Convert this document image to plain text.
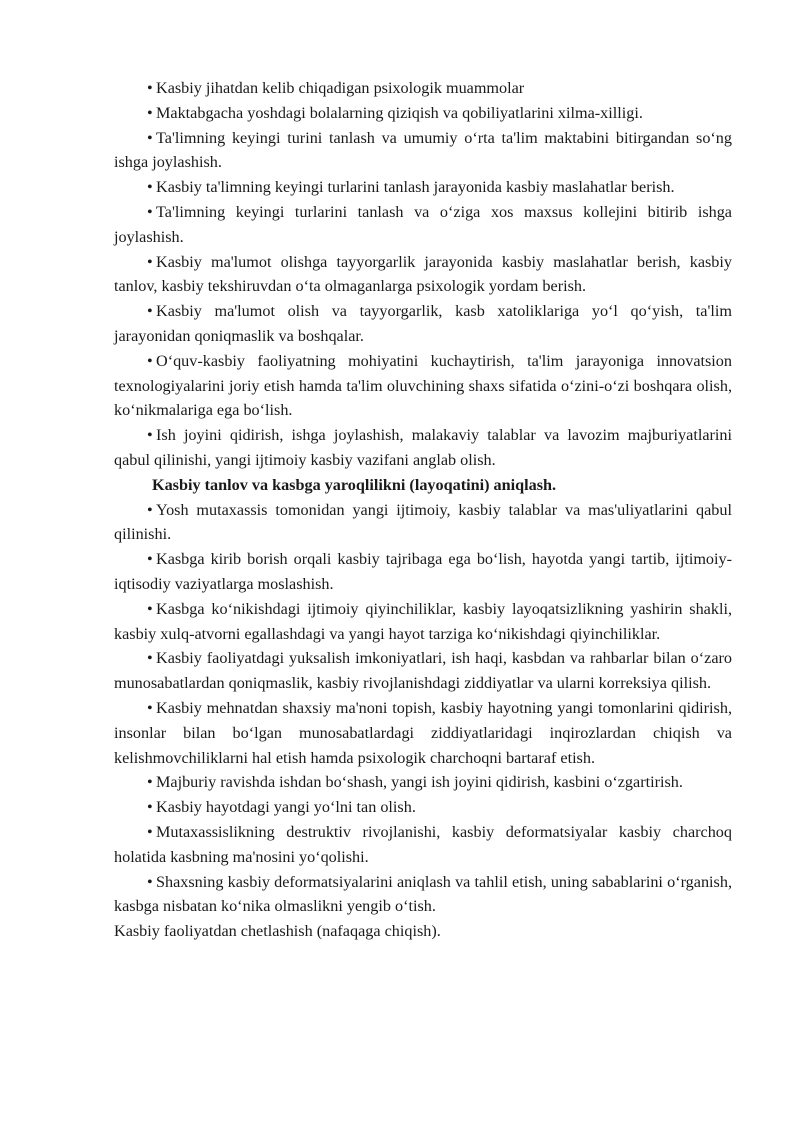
• Kasbiy jihatdan kelib chiqadigan psixologik muammolar

• Maktabgacha yoshdagi bolalarning qiziqish va qobiliyatlarini xilma-xilligi.

• Ta'limning keyingi turini tanlash va umumiy oʻrta ta'lim maktabini bitirgandan soʻng ishga joylashish.

• Kasbiy ta'limning keyingi turlarini tanlash jarayonida kasbiy maslahatlar berish.

• Ta'limning keyingi turlarini tanlash va oʻziga xos maxsus kollejini bitirib ishga joylashish.

• Kasbiy ma'lumot olishga tayyorgarlik jarayonida kasbiy maslahatlar berish, kasbiy tanlov, kasbiy tekshiruvdan oʻta olmaganlarga psixologik yordam berish.

• Kasbiy ma'lumot olish va tayyorgarlik, kasb xatoliklariga yoʻl qoʻyish, ta'lim jarayonidan qoniqmaslik va boshqalar.

• Oʻquv-kasbiy faoliyatning mohiyatini kuchaytirish, ta'lim jarayoniga innovatsion texnologiyalarini joriy etish hamda ta'lim oluvchining shaxs sifatida oʻzini-oʻzi boshqara olish, koʻnikmalariga ega boʻlish.

• Ish joyini qidirish, ishga joylashish, malakaviy talablar va lavozim majburiyatlarini qabul qilinishi, yangi ijtimoiy kasbiy vazifani anglab olish.

Kasbiy tanlov va kasbga yaroqlilikni (layoqatini) aniqlash.

• Yosh mutaxassis tomonidan yangi ijtimoiy, kasbiy talablar va mas'uliyatlarini qabul qilinishi.

• Kasbga kirib borish orqali kasbiy tajribaga ega boʻlish, hayotda yangi tartib, ijtimoiy-iqtisodiy vaziyatlarga moslashish.

• Kasbga koʻnikishdagi ijtimoiy qiyinchiliklar, kasbiy layoqatsizlikning yashirin shakli, kasbiy xulq-atvorni egallashdagi va yangi hayot tarziga koʻnikishdagi qiyinchiliklar.

• Kasbiy faoliyatdagi yuksalish imkoniyatlari, ish haqi, kasbdan va rahbarlar bilan oʻzaro munosabatlardan qoniqmaslik, kasbiy rivojlanishdagi ziddiyatlar va ularni korreksiya qilish.

• Kasbiy mehnatdan shaxsiy ma'noni topish, kasbiy hayotning yangi tomonlarini qidirish, insonlar bilan boʻlgan munosabatlardagi ziddiyatlaridagi inqirozlardan chiqish va kelishmovchiliklarni hal etish hamda psixologik charchoqni bartaraf etish.

• Majburiy ravishda ishdan boʻshash, yangi ish joyini qidirish, kasbini oʻzgartirish.

• Kasbiy hayotdagi yangi yoʻlni tan olish.

• Mutaxassislikning destruktiv rivojlanishi, kasbiy deformatsiyalar kasbiy charchoq holatida kasbning ma'nosini yoʻqolishi.

• Shaxsning kasbiy deformatsiyalarini aniqlash va tahlil etish, uning sabablarini oʻrganish, kasbga nisbatan koʻnika olmaslikni yengib oʻtish.

Kasbiy faoliyatdan chetlashish (nafaqaga chiqish).
